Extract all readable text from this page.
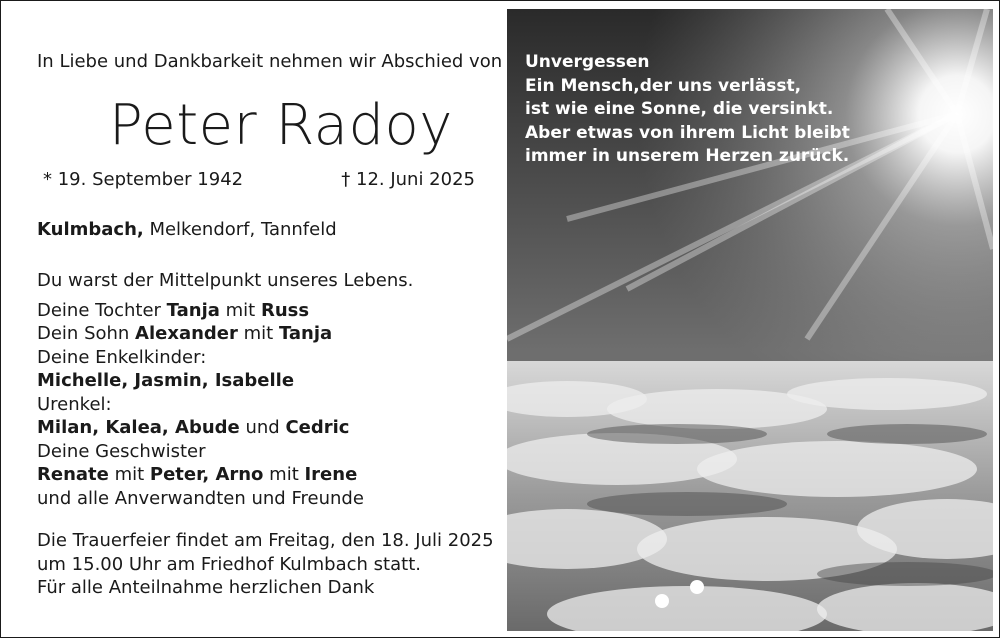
In Liebe und Dankbarkeit nehmen wir Abschied von
Peter Radoy
* 19. September 1942	† 12. Juni 2025
Kulmbach, Melkendorf, Tannfeld
Du warst der Mittelpunkt unseres Lebens.
Deine Tochter Tanja mit Russ
Dein Sohn Alexander mit Tanja
Deine Enkelkinder:
Michelle, Jasmin, Isabelle
Urenkel:
Milan, Kalea, Abude und Cedric
Deine Geschwister
Renate mit Peter, Arno mit Irene
und alle Anverwandten und Freunde
Die Trauerfeier findet am Freitag, den 18. Juli 2025
um 15.00 Uhr am Friedhof Kulmbach statt.
Für alle Anteilnahme herzlichen Dank
Unvergessen
Ein Mensch,der uns verlässt,
ist wie eine Sonne, die versinkt.
Aber etwas von ihrem Licht bleibt
immer in unserem Herzen zurück.
